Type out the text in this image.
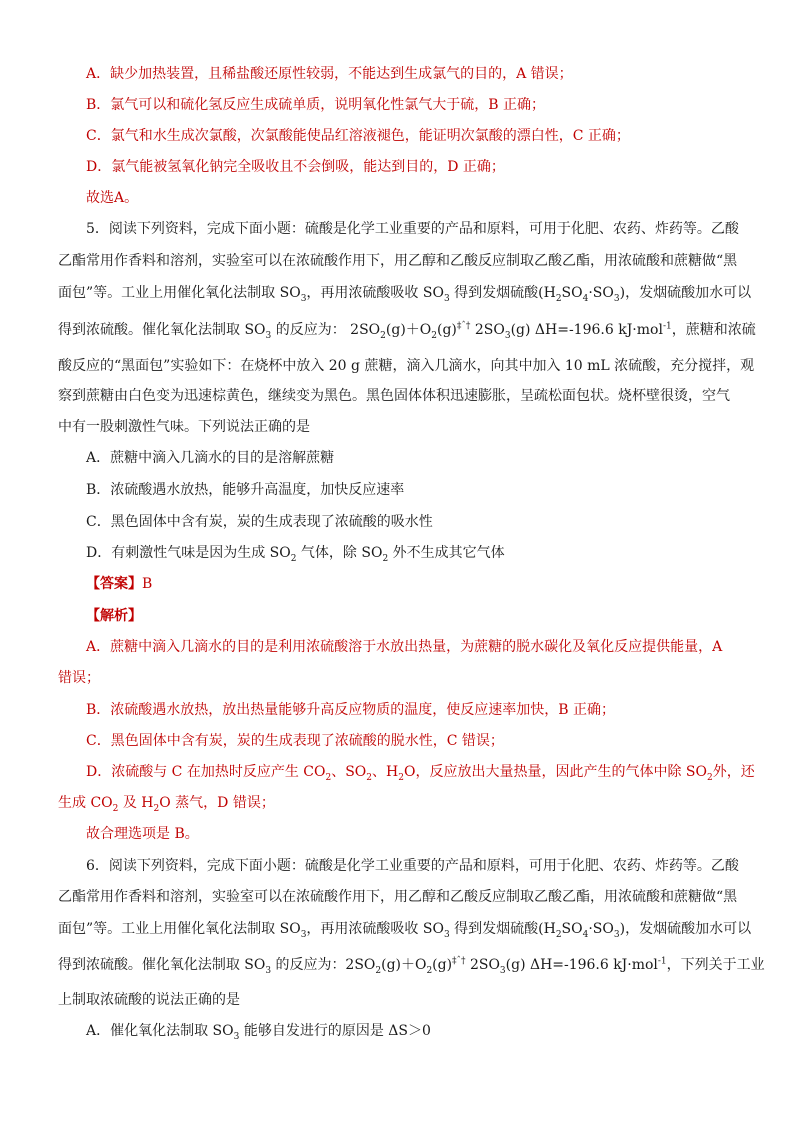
A．缺少加热装置，且稀盐酸还原性较弱，不能达到生成氯气的目的，A 错误；
B．氯气可以和硫化氢反应生成硫单质，说明氧化性氯气大于硫，B 正确；
C．氯气和水生成次氯酸，次氯酸能使品红溶液褪色，能证明次氯酸的漂白性，C 正确；
D．氯气能被氢氧化钠完全吸收且不会倒吸，能达到目的，D 正确；
故选A。
5．阅读下列资料，完成下面小题：硫酸是化学工业重要的产品和原料，可用于化肥、农药、炸药等。乙酸
乙酯常用作香料和溶剂，实验室可以在浓硫酸作用下，用乙醇和乙酸反应制取乙酸乙酯，用浓硫酸和蔗糖做“黑
面包”等。工业上用催化氧化法制取 $SO_3$，再用浓硫酸吸收 $SO_3$ 得到发烟硫酸$(H_2SO_4\cdot SO_3)$，发烟硫酸加水可以
得到浓硫酸。催化氧化法制取 $SO_3$ 的反应为： $2SO_2(g)+O_2(g)^{\ddagger ˆ\dagger}$ $2SO_3(g)$ ΔH=-196.6 kJ·mol$^{-1}$，蔗糖和浓硫
酸反应的“黑面包”实验如下：在烧杯中放入 20 g 蔗糖，滴入几滴水，向其中加入 10 mL 浓硫酸，充分搅拌，观
察到蔗糖由白色变为迅速棕黄色，继续变为黑色。黑色固体体积迅速膨胀，呈疏松面包状。烧杯壁很烫，空气
中有一股刺激性气味。下列说法正确的是
A．蔗糖中滴入几滴水的目的是溶解蔗糖
B．浓硫酸遇水放热，能够升高温度，加快反应速率
C．黑色固体中含有炭，炭的生成表现了浓硫酸的吸水性
D．有刺激性气味是因为生成 $SO_2$ 气体，除 $SO_2$ 外不生成其它气体
【答案】B
【解析】
A．蔗糖中滴入几滴水的目的是利用浓硫酸溶于水放出热量，为蔗糖的脱水碳化及氧化反应提供能量，A
错误；
B．浓硫酸遇水放热，放出热量能够升高反应物质的温度，使反应速率加快，B 正确；
C．黑色固体中含有炭，炭的生成表现了浓硫酸的脱水性，C 错误；
D．浓硫酸与 C 在加热时反应产生 $CO_2$、$SO_2$、$H_2O$，反应放出大量热量，因此产生的气体中除 $SO_2$外，还
生成 $CO_2$ 及 $H_2O$ 蒸气，D 错误；
故合理选项是 B。
6．阅读下列资料，完成下面小题：硫酸是化学工业重要的产品和原料，可用于化肥、农药、炸药等。乙酸
乙酯常用作香料和溶剂，实验室可以在浓硫酸作用下，用乙醇和乙酸反应制取乙酸乙酯，用浓硫酸和蔗糖做“黑
面包”等。工业上用催化氧化法制取 $SO_3$，再用浓硫酸吸收 $SO_3$ 得到发烟硫酸$(H_2SO_4\cdot SO_3)$，发烟硫酸加水可以
得到浓硫酸。催化氧化法制取 $SO_3$ 的反应为：$2SO_2(g)+O_2(g)^{\ddagger ˆ\dagger}$ $2SO_3(g)$ ΔH=-196.6 kJ·mol$^{-1}$，下列关于工业
上制取浓硫酸的说法正确的是
A．催化氧化法制取 $SO_3$ 能够自发进行的原因是 ΔS＞0
